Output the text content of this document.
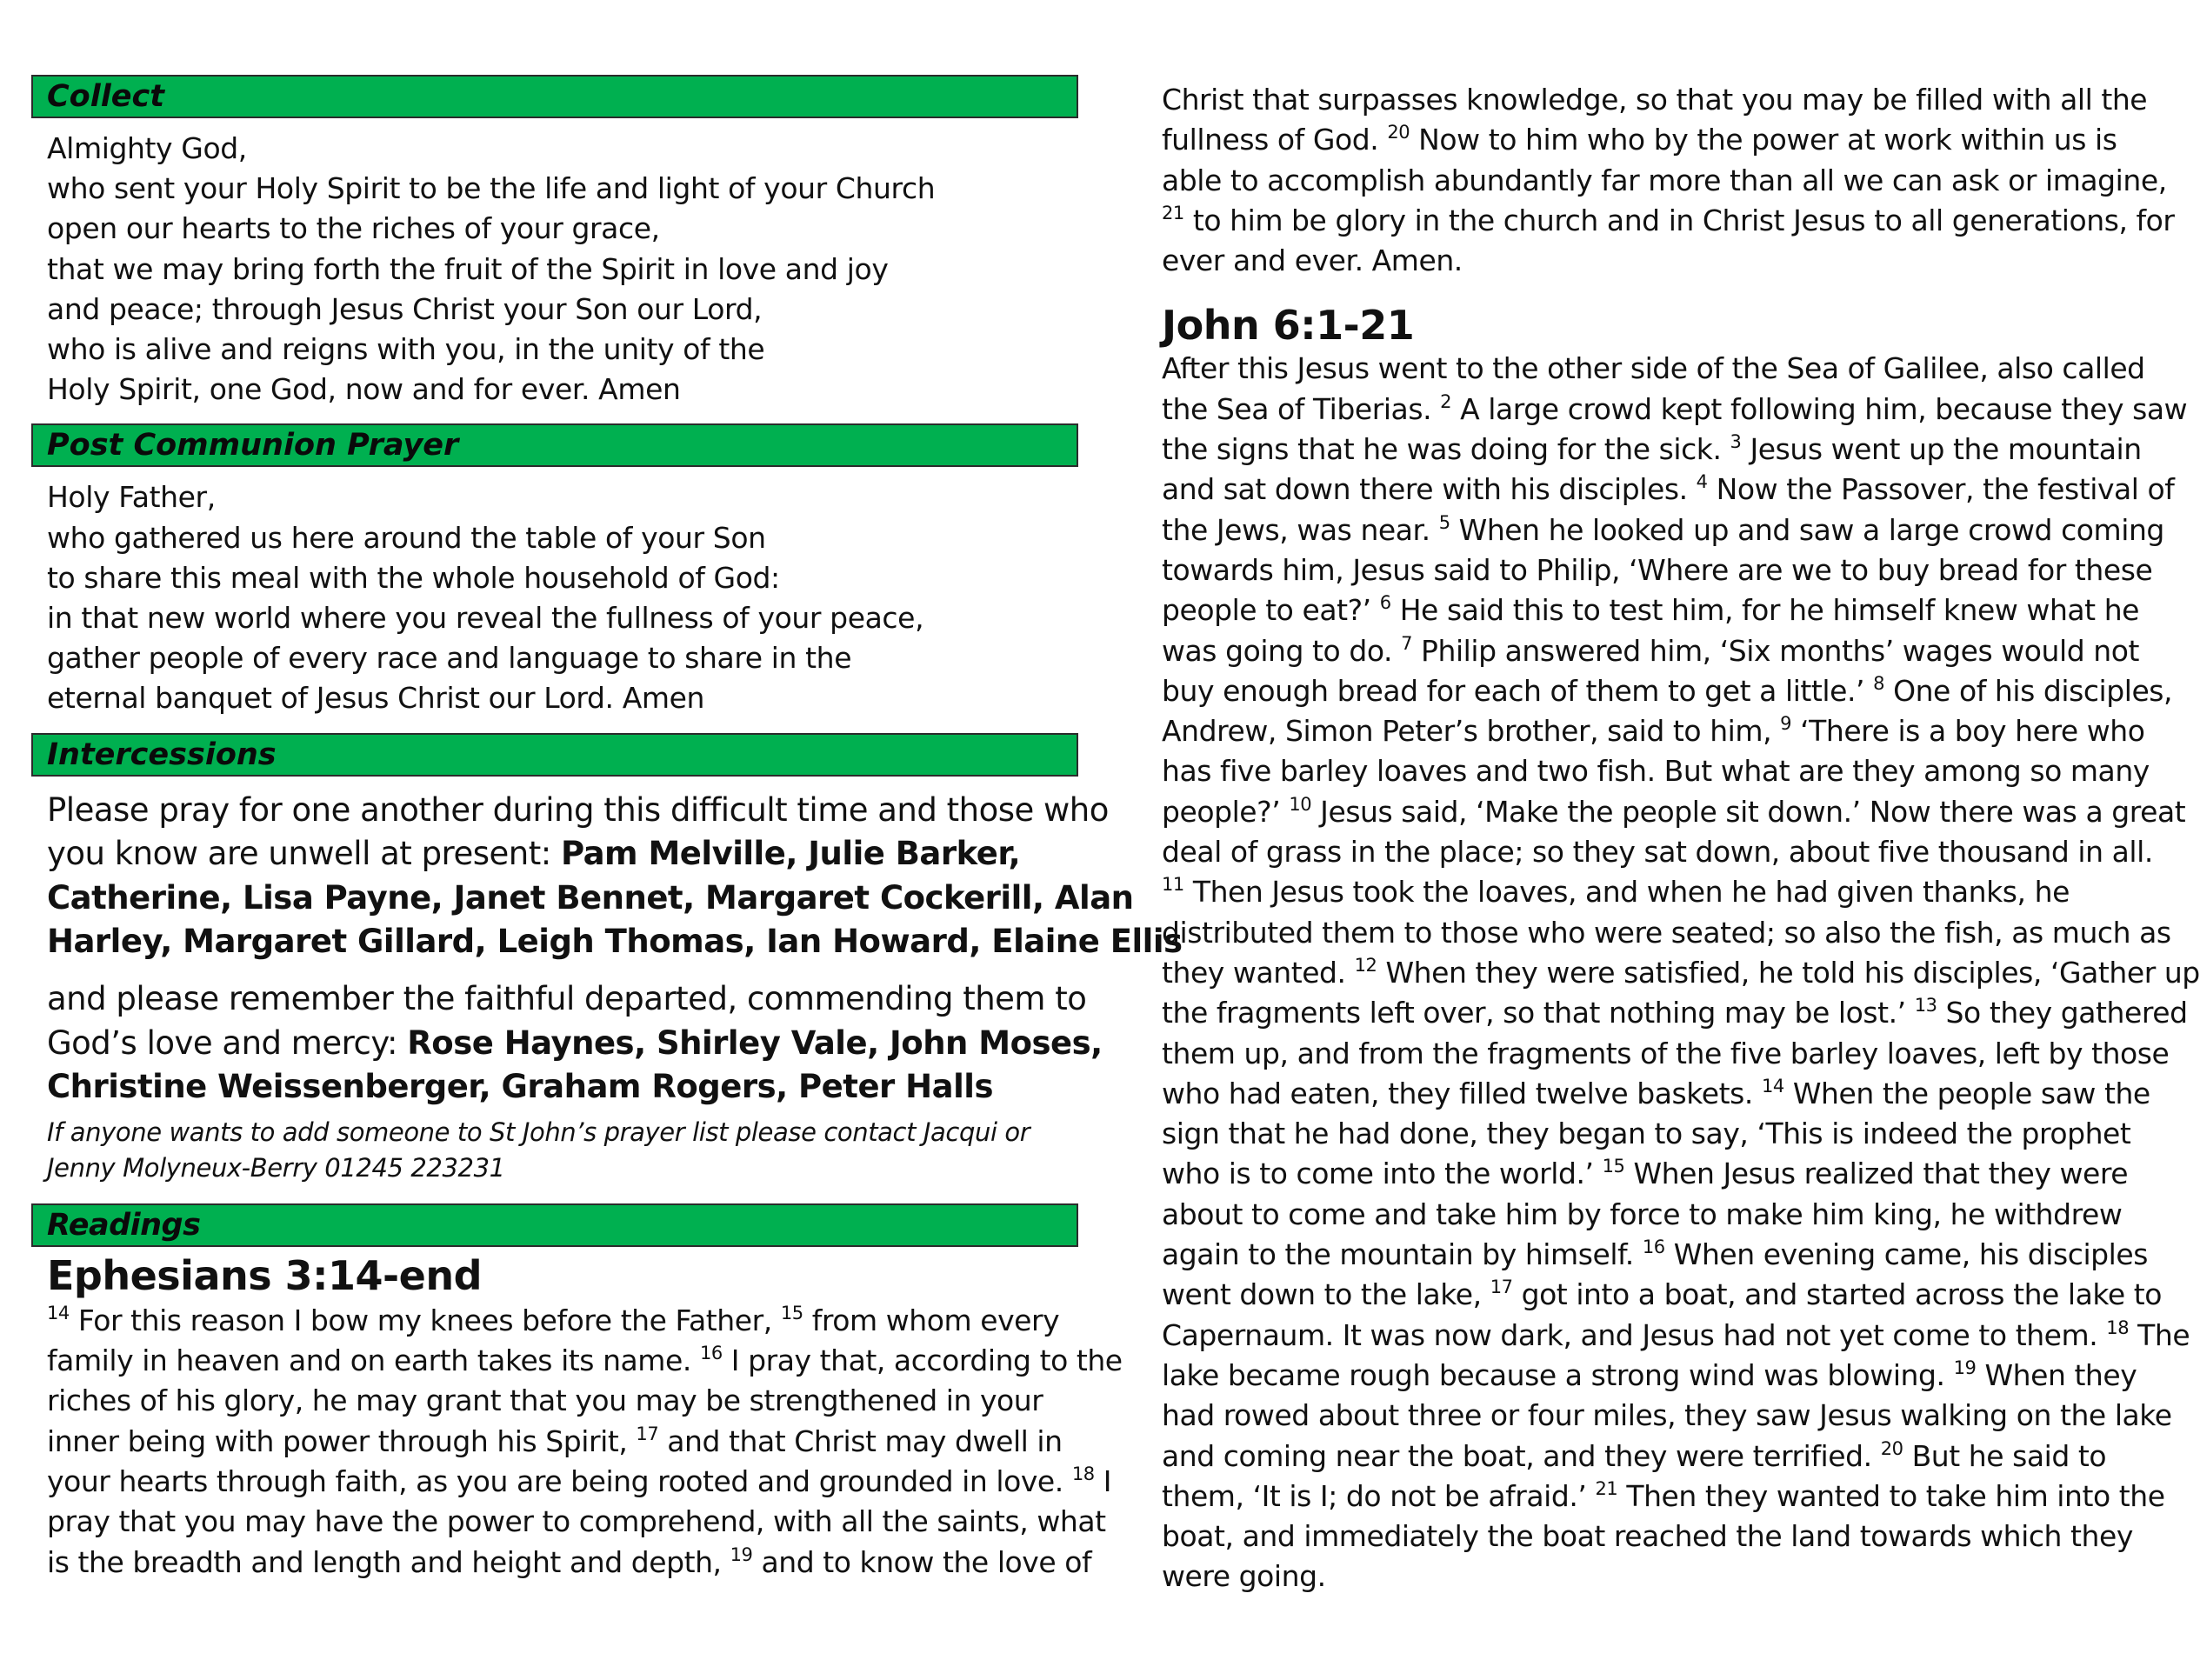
Collect
Almighty God,
who sent your Holy Spirit to be the life and light of your Church
open our hearts to the riches of your grace,
that we may bring forth the fruit of the Spirit in love and joy
and peace; through Jesus Christ your Son our Lord,
who is alive and reigns with you, in the unity of the
Holy Spirit, one God, now and for ever. Amen
Post Communion Prayer
Holy Father,
who gathered us here around the table of your Son
to share this meal with the whole household of God:
in that new world where you reveal the fullness of your peace,
gather people of every race and language to share in the
eternal banquet of Jesus Christ our Lord. Amen
Intercessions
Please pray for one another during this difficult time and those who
you know are unwell at present: Pam Melville, Julie Barker,
Catherine, Lisa Payne, Janet Bennet, Margaret Cockerill, Alan
Harley, Margaret Gillard, Leigh Thomas, Ian Howard, Elaine Ellis
and please remember the faithful departed, commending them to
God’s love and mercy: Rose Haynes, Shirley Vale, John Moses,
Christine Weissenberger, Graham Rogers, Peter Halls
If anyone wants to add someone to St John’s prayer list please contact Jacqui or
Jenny Molyneux-Berry 01245 223231
Readings
Ephesians 3:14-end
$^{14}$ For this reason I bow my knees before the Father, $^{15}$ from whom every
family in heaven and on earth takes its name. $^{16}$ I pray that, according to the
riches of his glory, he may grant that you may be strengthened in your
inner being with power through his Spirit, $^{17}$ and that Christ may dwell in
your hearts through faith, as you are being rooted and grounded in love. $^{18}$ I
pray that you may have the power to comprehend, with all the saints, what
is the breadth and length and height and depth, $^{19}$ and to know the love of
Christ that surpasses knowledge, so that you may be filled with all the
fullness of God. $^{20}$ Now to him who by the power at work within us is
able to accomplish abundantly far more than all we can ask or imagine,
$^{21}$ to him be glory in the church and in Christ Jesus to all generations, for
ever and ever. Amen.
John 6:1-21
After this Jesus went to the other side of the Sea of Galilee, also called
the Sea of Tiberias. $^2$ A large crowd kept following him, because they saw
the signs that he was doing for the sick. $^3$ Jesus went up the mountain
and sat down there with his disciples. $^4$ Now the Passover, the festival of
the Jews, was near. $^5$ When he looked up and saw a large crowd coming
towards him, Jesus said to Philip, ‘Where are we to buy bread for these
people to eat?’ $^6$ He said this to test him, for he himself knew what he
was going to do. $^7$ Philip answered him, ‘Six months’ wages would not
buy enough bread for each of them to get a little.’ $^8$ One of his disciples,
Andrew, Simon Peter’s brother, said to him, $^9$ ‘There is a boy here who
has five barley loaves and two fish. But what are they among so many
people?’ $^{10}$ Jesus said, ‘Make the people sit down.’ Now there was a great
deal of grass in the place; so they sat down, about five thousand in all.
$^{11}$ Then Jesus took the loaves, and when he had given thanks, he
distributed them to those who were seated; so also the fish, as much as
they wanted. $^{12}$ When they were satisfied, he told his disciples, ‘Gather up
the fragments left over, so that nothing may be lost.’ $^{13}$ So they gathered
them up, and from the fragments of the five barley loaves, left by those
who had eaten, they filled twelve baskets. $^{14}$ When the people saw the
sign that he had done, they began to say, ‘This is indeed the prophet
who is to come into the world.’ $^{15}$ When Jesus realized that they were
about to come and take him by force to make him king, he withdrew
again to the mountain by himself. $^{16}$ When evening came, his disciples
went down to the lake, $^{17}$ got into a boat, and started across the lake to
Capernaum. It was now dark, and Jesus had not yet come to them. $^{18}$ The
lake became rough because a strong wind was blowing. $^{19}$ When they
had rowed about three or four miles, they saw Jesus walking on the lake
and coming near the boat, and they were terrified. $^{20}$ But he said to
them, ‘It is I; do not be afraid.’ $^{21}$ Then they wanted to take him into the
boat, and immediately the boat reached the land towards which they
were going.
